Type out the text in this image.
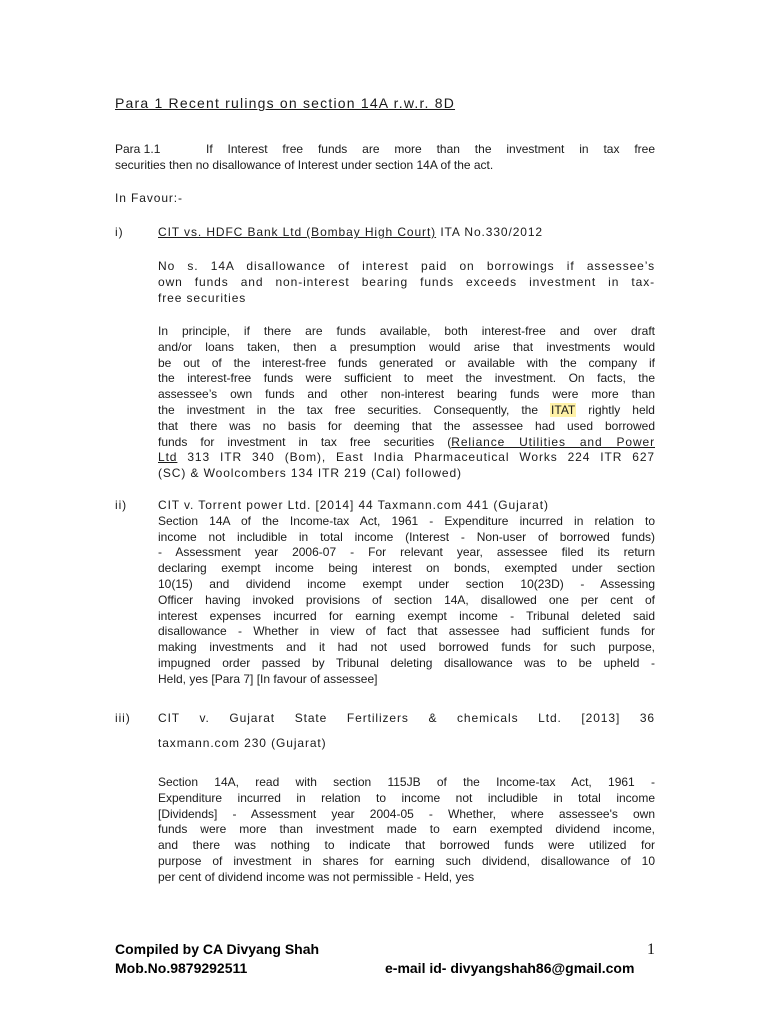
Para 1 Recent rulings on section 14A r.w.r. 8D
Para 1.1	If Interest free funds are more than the investment in tax free
securities then no disallowance of Interest under section 14A of the act.
In Favour:-
i)	CIT vs. HDFC Bank Ltd (Bombay High Court) ITA No.330/2012
No s. 14A disallowance of interest paid on borrowings if assessee’s
own funds and non-interest bearing funds exceeds investment in tax-
free securities
In principle, if there are funds available, both interest-free and over draft
and/or loans taken, then a presumption would arise that investments would
be out of the interest-free funds generated or available with the company if
the interest-free funds were sufficient to meet the investment. On facts, the
assessee’s own funds and other non-interest bearing funds were more than
the investment in the tax free securities. Consequently, the ITAT rightly held
that there was no basis for deeming that the assessee had used borrowed
funds for investment in tax free securities (Reliance Utilities and Power
Ltd 313 ITR 340 (Bom), East India Pharmaceutical Works 224 ITR 627
(SC) & Woolcombers 134 ITR 219 (Cal) followed)
ii)	CIT v. Torrent power Ltd. [2014] 44 Taxmann.com 441 (Gujarat)
Section 14A of the Income-tax Act, 1961 - Expenditure incurred in relation to
income not includible in total income (Interest - Non-user of borrowed funds)
- Assessment year 2006-07 - For relevant year, assessee filed its return
declaring exempt income being interest on bonds, exempted under section
10(15) and dividend income exempt under section 10(23D) - Assessing
Officer having invoked provisions of section 14A, disallowed one per cent of
interest expenses incurred for earning exempt income - Tribunal deleted said
disallowance - Whether in view of fact that assessee had sufficient funds for
making investments and it had not used borrowed funds for such purpose,
impugned order passed by Tribunal deleting disallowance was to be upheld -
Held, yes [Para 7] [In favour of assessee]
iii) CIT v. Gujarat State Fertilizers & chemicals Ltd. [2013] 36
taxmann.com 230 (Gujarat)
Section 14A, read with section 115JB of the Income-tax Act, 1961 -
Expenditure incurred in relation to income not includible in total income
[Dividends] - Assessment year 2004-05 - Whether, where assessee's own
funds were more than investment made to earn exempted dividend income,
and there was nothing to indicate that borrowed funds were utilized for
purpose of investment in shares for earning such dividend, disallowance of 10
per cent of dividend income was not permissible - Held, yes
Compiled by CA Divyang Shah
Mob.No.9879292511
1
e-mail id- divyangshah86@gmail.com
